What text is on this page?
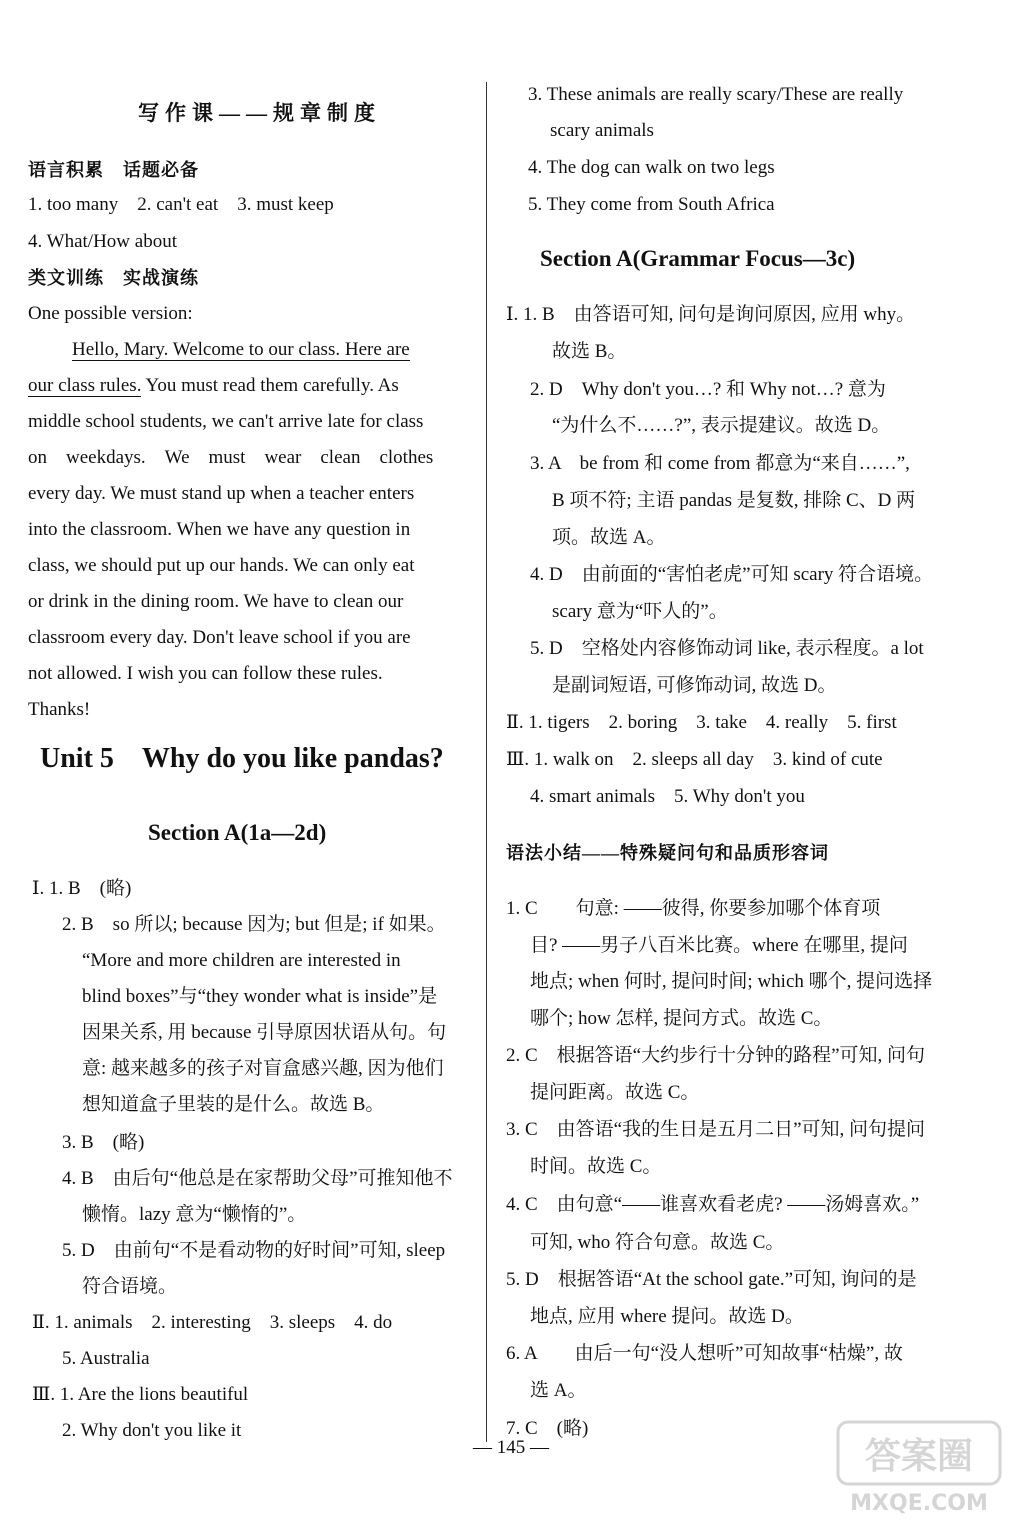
写作课——规章制度
语言积累　话题必备
1. too many　2. can't eat　3. must keep
4. What/How about
类文训练　实战演练
One possible version:
Hello, Mary. Welcome to our class. Here are
our class rules. You must read them carefully. As
middle school students, we can't arrive late for class
on　weekdays.　We　must　wear　clean　clothes
every day. We must stand up when a teacher enters
into the classroom. When we have any question in
class, we should put up our hands. We can only eat
or drink in the dining room. We have to clean our
classroom every day. Don't leave school if you are
not allowed. I wish you can follow these rules.
Thanks!
Unit 5　Why do you like pandas?
Section A(1a—2d)
Ⅰ. 1. B　(略)
2. B　so 所以; because 因为; but 但是; if 如果。
“More and more children are interested in
blind boxes”与“they wonder what is inside”是
因果关系, 用 because 引导原因状语从句。句
意: 越来越多的孩子对盲盒感兴趣, 因为他们
想知道盒子里装的是什么。故选 B。
3. B　(略)
4. B　由后句“他总是在家帮助父母”可推知他不
懒惰。lazy 意为“懒惰的”。
5. D　由前句“不是看动物的好时间”可知, sleep
符合语境。
Ⅱ. 1. animals　2. interesting　3. sleeps　4. do
5. Australia
Ⅲ. 1. Are the lions beautiful
2. Why don't you like it
3. These animals are really scary/These are really
scary animals
4. The dog can walk on two legs
5. They come from South Africa
Section A(Grammar Focus—3c)
Ⅰ. 1. B　由答语可知, 问句是询问原因, 应用 why。
故选 B。
2. D　Why don't you…? 和 Why not…? 意为
“为什么不……?”, 表示提建议。故选 D。
3. A　be from 和 come from 都意为“来自……”,
B 项不符; 主语 pandas 是复数, 排除 C、D 两
项。故选 A。
4. D　由前面的“害怕老虎”可知 scary 符合语境。
scary 意为“吓人的”。
5. D　空格处内容修饰动词 like, 表示程度。a lot
是副词短语, 可修饰动词, 故选 D。
Ⅱ. 1. tigers　2. boring　3. take　4. really　5. first
Ⅲ. 1. walk on　2. sleeps all day　3. kind of cute
4. smart animals　5. Why don't you
语法小结——特殊疑问句和品质形容词
1. C　　句意: ——彼得, 你要参加哪个体育项
目? ——男子八百米比赛。where 在哪里, 提问
地点; when 何时, 提问时间; which 哪个, 提问选择
哪个; how 怎样, 提问方式。故选 C。
2. C　根据答语“大约步行十分钟的路程”可知, 问句
提问距离。故选 C。
3. C　由答语“我的生日是五月二日”可知, 问句提问
时间。故选 C。
4. C　由句意“——谁喜欢看老虎? ——汤姆喜欢。”
可知, who 符合句意。故选 C。
5. D　根据答语“At the school gate.”可知, 询问的是
地点, 应用 where 提问。故选 D。
6. A　　由后一句“没人想听”可知故事“枯燥”, 故
选 A。
7. C　(略)
— 145 —	答案圈
MXQE.COM
